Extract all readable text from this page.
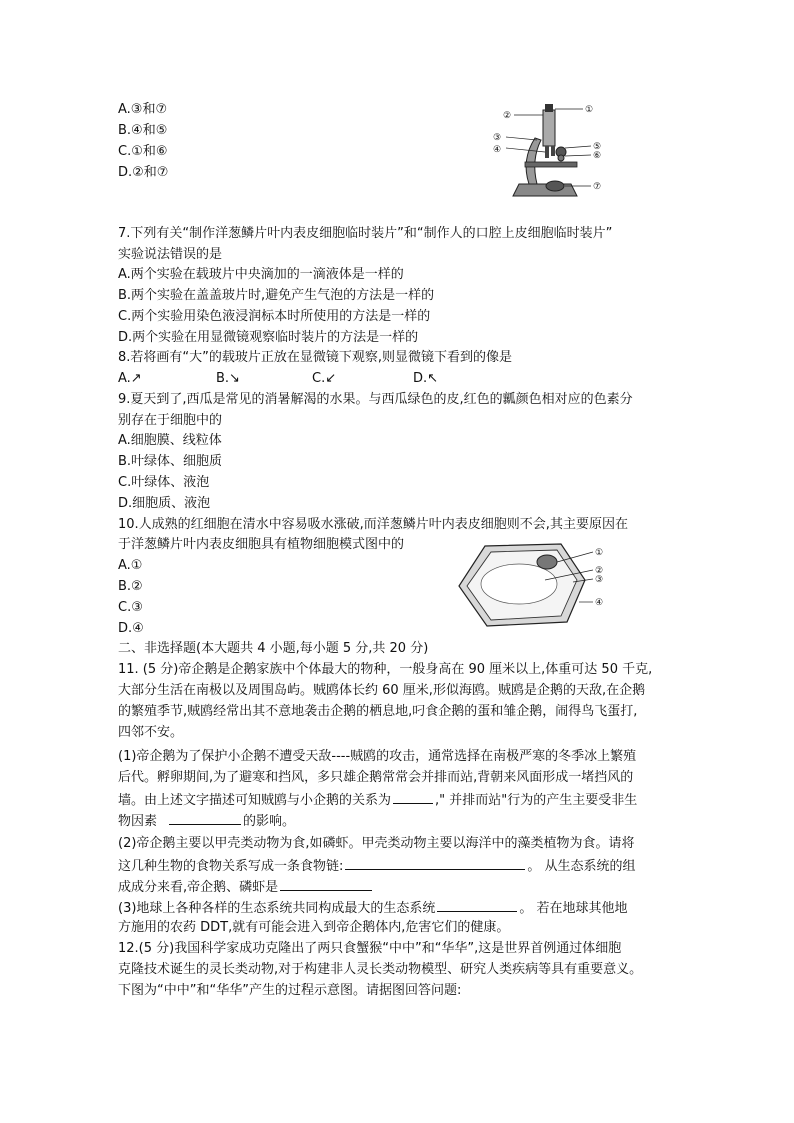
A.③和⑦
B.④和⑤
C.①和⑥
D.②和⑦
②
①
③
④	⑤
⑥
⑦
7.下列有关“制作洋葱鳞片叶内表皮细胞临时装片”和“制作人的口腔上皮细胞临时装片”
实验说法错误的是
A.两个实验在载玻片中央滴加的一滴液体是一样的
B.两个实验在盖盖玻片时,避免产生气泡的方法是一样的
C.两个实验用染色液浸润标本时所使用的方法是一样的
D.两个实验在用显微镜观察临时装片的方法是一样的
8.若将画有“大”的载玻片正放在显微镜下观察,则显微镜下看到的像是
A.↗	B.↘	C.↙	D.↖
9.夏天到了,西瓜是常见的消暑解渴的水果。与西瓜绿色的皮,红色的瓤颜色相对应的色素分
别存在于细胞中的
A.细胞膜、线粒体
B.叶绿体、细胞质
C.叶绿体、液泡
D.细胞质、液泡
10.人成熟的红细胞在清水中容易吸水涨破,而洋葱鳞片叶内表皮细胞则不会,其主要原因在
于洋葱鳞片叶内表皮细胞具有植物细胞模式图中的
A.①
B.②
C.③
D.④
①
②
③
④
二、非选择题(本大题共 4 小题,每小题 5 分,共 20 分)
11. (5 分)帝企鹅是企鹅家族中个体最大的物种，一般身高在 90 厘米以上,体重可达 50 千克,
大部分生活在南极以及周围岛屿。贼鸥体长约 60 厘米,形似海鸥。贼鸥是企鹅的天敌,在企鹅
的繁殖季节,贼鸥经常出其不意地袭击企鹅的栖息地,叼食企鹅的蛋和雏企鹅，闹得鸟飞蛋打,
四邻不安。
(1)帝企鹅为了保护小企鹅不遭受天敌----贼鸥的攻击，通常选择在南极严寒的冬季冰上繁殖
后代。孵卵期间,为了避寒和挡风，多只雄企鹅常常会并排而站,背朝来风面形成一堵挡风的
墙。由上述文字描述可知贼鸥与小企鹅的关系为	," 并排而站"行为的产生主要受非生
物因素	的影响。
(2)帝企鹅主要以甲壳类动物为食,如磷虾。甲壳类动物主要以海洋中的藻类植物为食。请将
这几种生物的食物关系写成一条食物链:	。 从生态系统的组
成成分来看,帝企鹅、磷虾是
(3)地球上各种各样的生态系统共同构成最大的生态系统	。 若在地球其他地
方施用的农药 DDT,就有可能会进入到帝企鹅体内,危害它们的健康。
12.(5 分)我国科学家成功克隆出了两只食蟹猴“中中”和“华华”,这是世界首例通过体细胞
克隆技术诞生的灵长类动物,对于构建非人灵长类动物模型、研究人类疾病等具有重要意义。
下图为“中中”和“华华”产生的过程示意图。请据图回答问题:
